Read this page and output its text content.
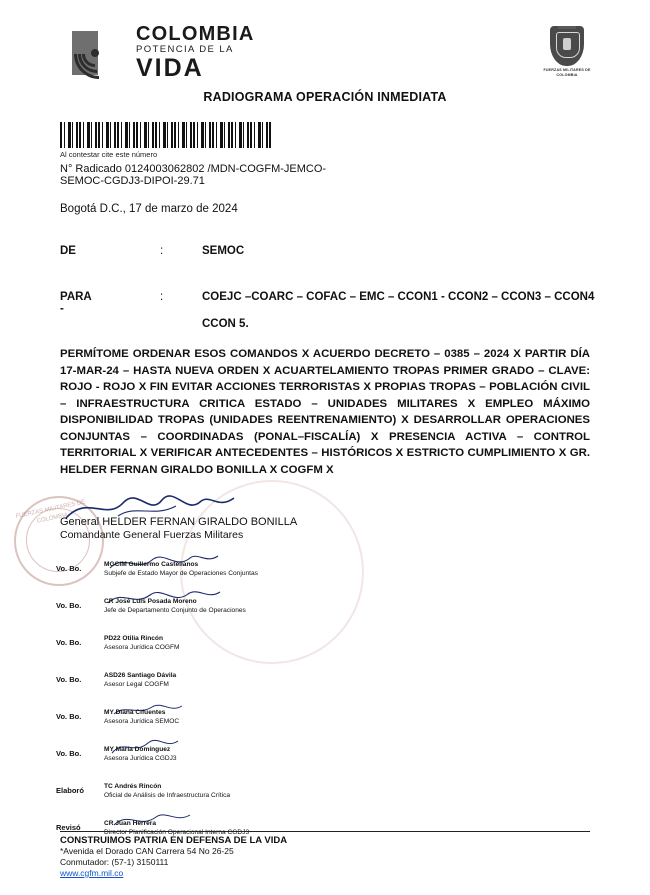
COLOMBIA
POTENCIA DE LA
VIDA	FUERZAS MILITARES DE COLOMBIA
RADIOGRAMA OPERACIÓN INMEDIATA
Al contestar cite este número
N° Radicado 0124003062802 /MDN-COGFM-JEMCO-SEMOC-CGDJ3-DIPOI-29.71
Bogotá D.C., 17 de marzo de 2024
DE	:	SEMOC
PARA	:	COEJC –COARC – COFAC – EMC – CCON1 - CCON2 – CCON3 – CCON4 -
CCON 5.
PERMÍTOME ORDENAR ESOS COMANDOS X ACUERDO DECRETO – 0385 – 2024 X PARTIR DÍA 17-MAR-24 – HASTA NUEVA ORDEN X ACUARTELAMIENTO TROPAS PRIMER GRADO – CLAVE: ROJO - ROJO X FIN EVITAR ACCIONES TERRORISTAS X PROPIAS TROPAS – POBLACIÓN CIVIL – INFRAESTRUCTURA CRITICA ESTADO – UNIDADES MILITARES X EMPLEO MÁXIMO DISPONIBILIDAD TROPAS (UNIDADES REENTRENAMIENTO) X DESARROLLAR OPERACIONES CONJUNTAS – COORDINADAS (PONAL–FISCALÍA) X PRESENCIA ACTIVA – CONTROL TERRITORIAL X VERIFICAR ANTECEDENTES – HISTÓRICOS X ESTRICTO CUMPLIMIENTO X GR. HELDER FERNAN GIRALDO BONILLA X COGFM X
FUERZAS MILITARES DE COLOMBIA
General HELDER FERNAN GIRALDO BONILLA
Comandante General Fuerzas Militares
Vo. Bo.	MGCIM Guillermo Castellanos
Subjefe de Estado Mayor de Operaciones Conjuntas
Vo. Bo.	CR José Luis Posada Moreno
Jefe de Departamento Conjunto de Operaciones
Vo. Bo.	PD22 Otilia Rincón
Asesora Jurídica COGFM
Vo. Bo.	ASD26 Santiago Dávila
Asesor Legal COGFM
Vo. Bo.	MY Diana Cifuentes
Asesora Jurídica SEMOC
Vo. Bo.	MY María Domínguez
Asesora Jurídica CGDJ3
Elaboró	TC Andrés Rincón
Oficial de Análisis de Infraestructura Crítica
Revisó	CR Juan Herrera
Director Planificación Operacional Interna CGDJ3
CONSTRUIMOS PATRIA EN DEFENSA DE LA VIDA
*Avenida el Dorado CAN Carrera 54 No 26-25
Conmutador: (57-1) 3150111
www.cgfm.mil.co
